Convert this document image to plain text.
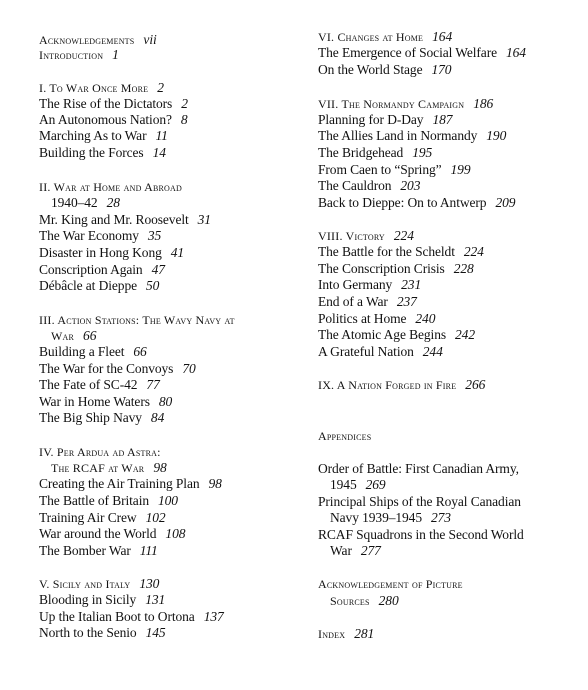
Acknowledgements vii
Introduction 1
I. To War Once More 2
The Rise of the Dictators 2
An Autonomous Nation? 8
Marching As to War 11
Building the Forces 14
II. War at Home and Abroad
1940–42 28
Mr. King and Mr. Roosevelt 31
The War Economy 35
Disaster in Hong Kong 41
Conscription Again 47
Débâcle at Dieppe 50
III. Action Stations: The Wavy Navy at
War 66
Building a Fleet 66
The War for the Convoys 70
The Fate of SC-42 77
War in Home Waters 80
The Big Ship Navy 84
IV. Per Ardua ad Astra:
The RCAF at War 98
Creating the Air Training Plan 98
The Battle of Britain 100
Training Air Crew 102
War around the World 108
The Bomber War 111
V. Sicily and Italy 130
Blooding in Sicily 131
Up the Italian Boot to Ortona 137
North to the Senio 145
VI. Changes at Home 164
The Emergence of Social Welfare 164
On the World Stage 170
VII. The Normandy Campaign 186
Planning for D-Day 187
The Allies Land in Normandy 190
The Bridgehead 195
From Caen to “Spring” 199
The Cauldron 203
Back to Dieppe: On to Antwerp 209
VIII. Victory 224
The Battle for the Scheldt 224
The Conscription Crisis 228
Into Germany 231
End of a War 237
Politics at Home 240
The Atomic Age Begins 242
A Grateful Nation 244
IX. A Nation Forged in Fire 266
Appendices
Order of Battle: First Canadian Army,
1945 269
Principal Ships of the Royal Canadian
Navy 1939–1945 273
RCAF Squadrons in the Second World
War 277
Acknowledgement of Picture
Sources 280
Index 281
